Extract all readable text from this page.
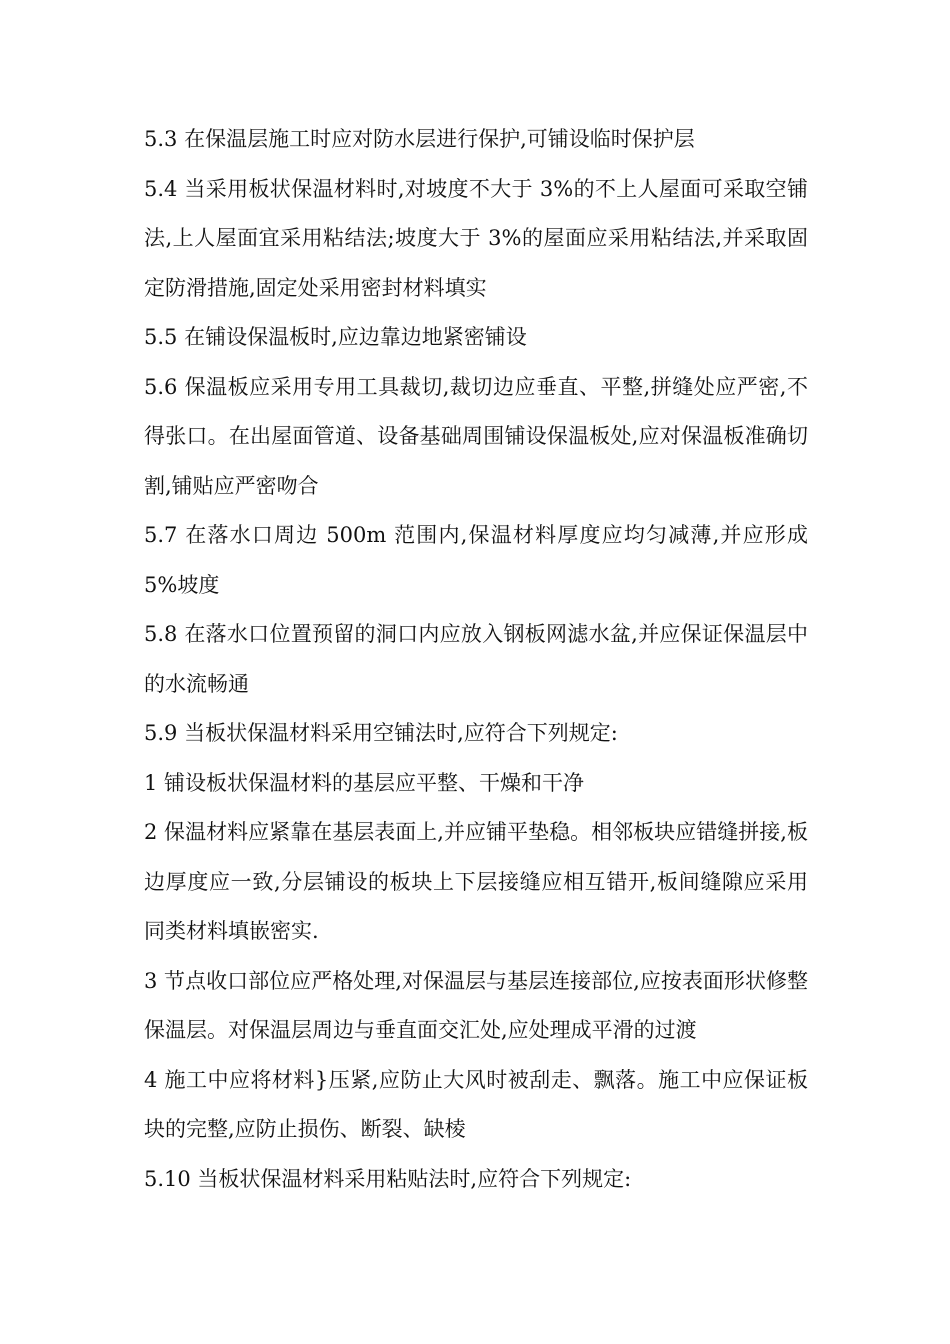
5.3 在保温层施工时应对防水层进行保护,可铺设临时保护层

5.4 当采用板状保温材料时,对坡度不大于 3%的不上人屋面可采取空铺法,上人屋面宜采用粘结法;坡度大于 3%的屋面应采用粘结法,并采取固定防滑措施,固定处采用密封材料填实

5.5 在铺设保温板时,应边靠边地紧密铺设

5.6 保温板应采用专用工具裁切,裁切边应垂直、平整,拼缝处应严密,不得张口。在出屋面管道、设备基础周围铺设保温板处,应对保温板准确切割,铺贴应严密吻合

5.7 在落水口周边 500m 范围内,保温材料厚度应均匀减薄,并应形成5%坡度

5.8 在落水口位置预留的洞口内应放入钢板网滤水盆,并应保证保温层中的水流畅通

5.9 当板状保温材料采用空铺法时,应符合下列规定:

1 铺设板状保温材料的基层应平整、干燥和干净

2 保温材料应紧靠在基层表面上,并应铺平垫稳。相邻板块应错缝拼接,板边厚度应一致,分层铺设的板块上下层接缝应相互错开,板间缝隙应采用同类材料填嵌密实.

3 节点收口部位应严格处理,对保温层与基层连接部位,应按表面形状修整保温层。对保温层周边与垂直面交汇处,应处理成平滑的过渡

4 施工中应将材料}压紧,应防止大风时被刮走、飘落。施工中应保证板块的完整,应防止损伤、断裂、缺棱

5.10 当板状保温材料采用粘贴法时,应符合下列规定:
